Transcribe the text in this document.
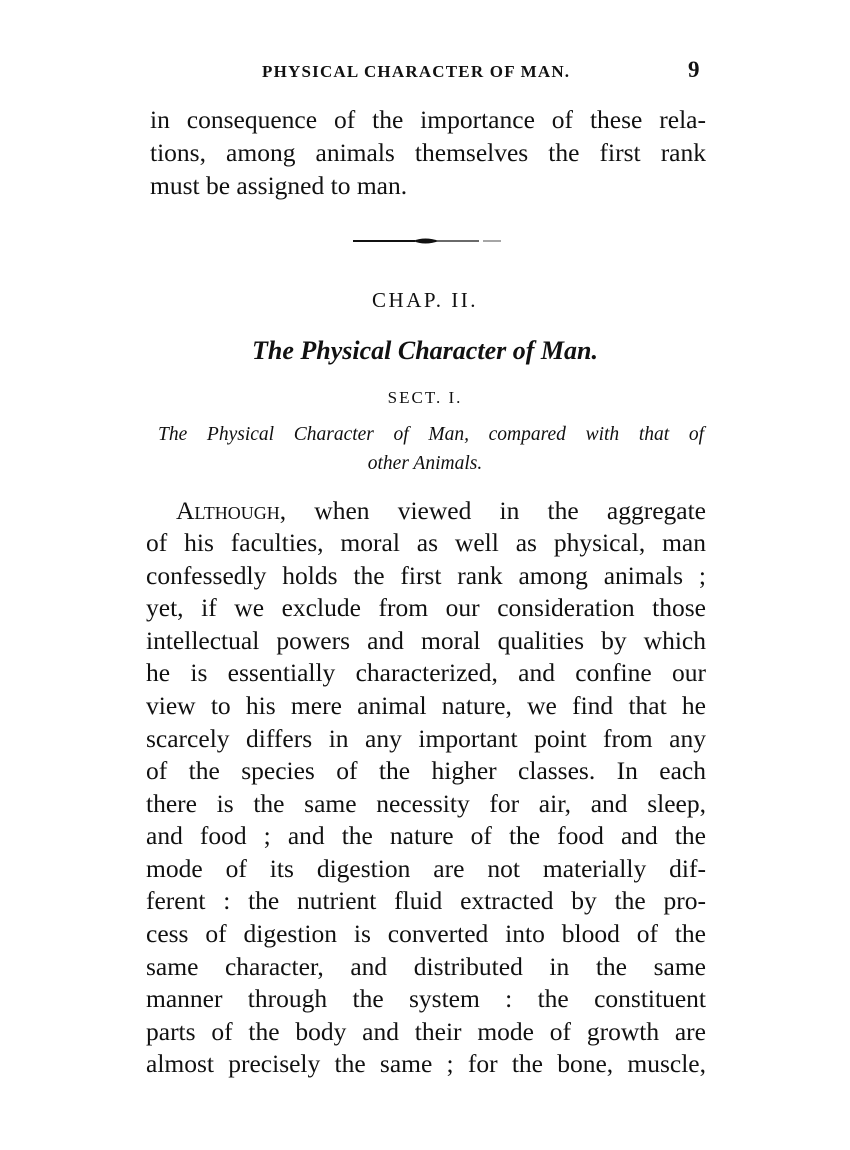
PHYSICAL CHARACTER OF MAN.	9
in consequence of the importance of these rela-
tions, among animals themselves the first rank
must be assigned to man.
CHAP. II.
The Physical Character of Man.
SECT. I.
The Physical Character of Man, compared with that of
other Animals.
Although, when viewed in the aggregate
of his faculties, moral as well as physical, man
confessedly holds the first rank among animals ;
yet, if we exclude from our consideration those
intellectual powers and moral qualities by which
he is essentially characterized, and confine our
view to his mere animal nature, we find that he
scarcely differs in any important point from any
of the species of the higher classes. In each
there is the same necessity for air, and sleep,
and food ; and the nature of the food and the
mode of its digestion are not materially dif-
ferent : the nutrient fluid extracted by the pro-
cess of digestion is converted into blood of the
same character, and distributed in the same
manner through the system : the constituent
parts of the body and their mode of growth are
almost precisely the same ; for the bone, muscle,
